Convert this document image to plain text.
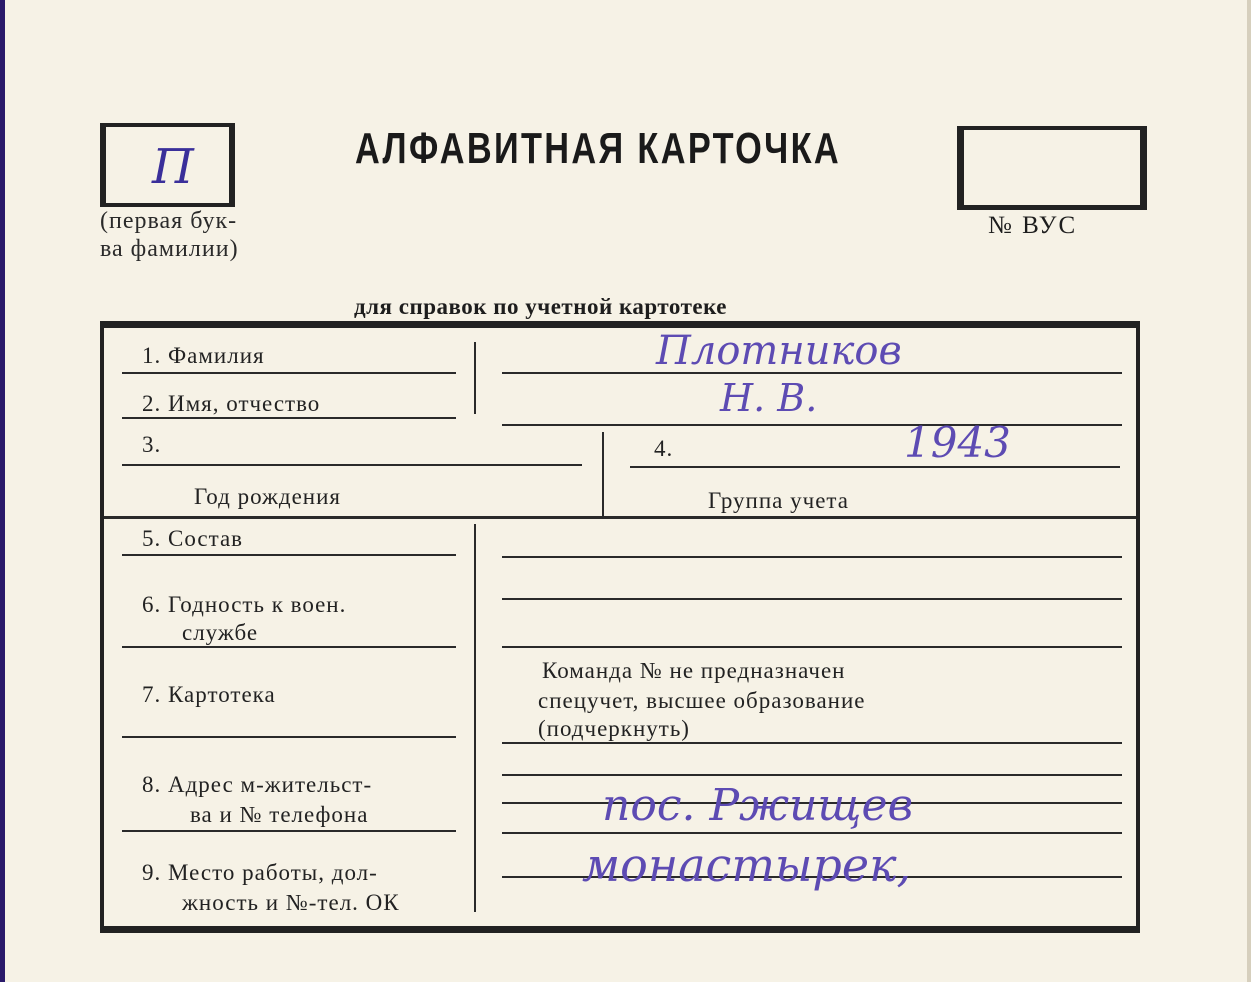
П
(первая бук-
ва фамилии)
АЛФАВИТНАЯ КАРТОЧКА
№ ВУС
для справок по учетной картотеке
1. Фамилия
2. Имя, отчество
3.	4.
Год рождения	Группа учета
5. Состав
6. Годность к воен.
службе
7. Картотека
8. Адрес м-жительст-
ва и № телефона
9. Место работы, дол-
жность и №-тел. ОК
Команда № не предназначен
спецучет, высшее образование
(подчеркнуть)
Плотников
Н. В.
1943
пос. Ржищев
монастырек,
